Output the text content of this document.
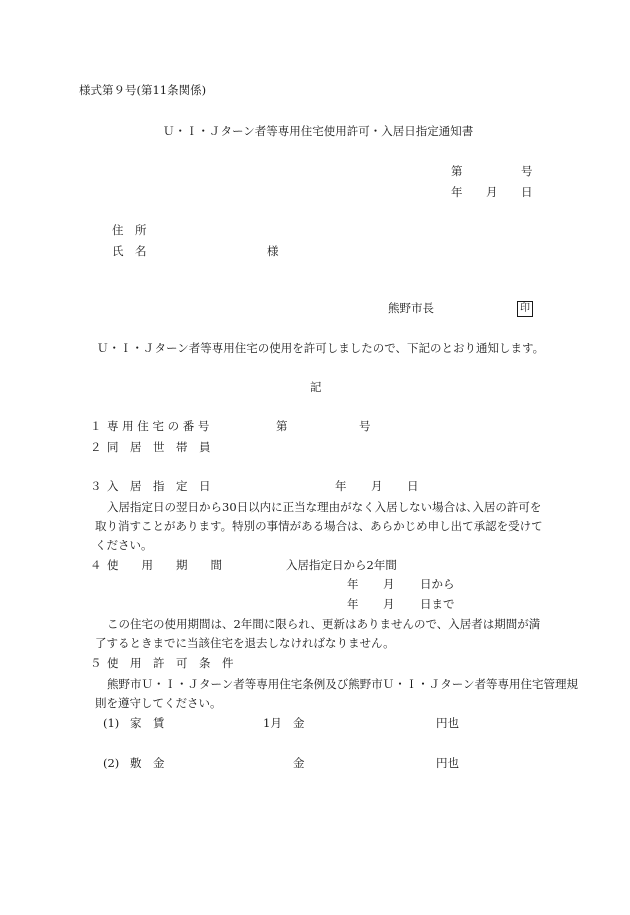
様式第９号(第11条関係)
Ｕ・Ｉ・Ｊターン者等専用住宅使用許可・入居日指定通知書
第	号
年 月 日
住　所
氏　名	様
熊野市長	印
Ｕ・Ｉ・Ｊターン者等専用住宅の使用を許可しましたので、下記のとおり通知します。
記
１ 専 用 住 宅 の 番 号	第	号
２ 同　居　世　帯　員
３ 入　居　指　定　日	年 月 日
入居指定日の翌日から30日以内に正当な理由がなく入居しない場合は､入居の許可を
取り消すことがあります。特別の事情がある場合は、あらかじめ申し出て承認を受けて
ください。
４ 使　　用　　期　　間	入居指定日から2年間
年 月 日から
年 月 日まで
この住宅の使用期間は、2年間に限られ、更新はありませんので、入居者は期間が満
了するときまでに当該住宅を退去しなければなりません。
５ 使　用　許　可　条　件
熊野市Ｕ・Ｉ・Ｊターン者等専用住宅条例及び熊野市Ｕ・Ｉ・Ｊターン者等専用住宅管理規
則を遵守してください。
(1) 家　賃	1月 金	円也
(2) 敷　金	金	円也
